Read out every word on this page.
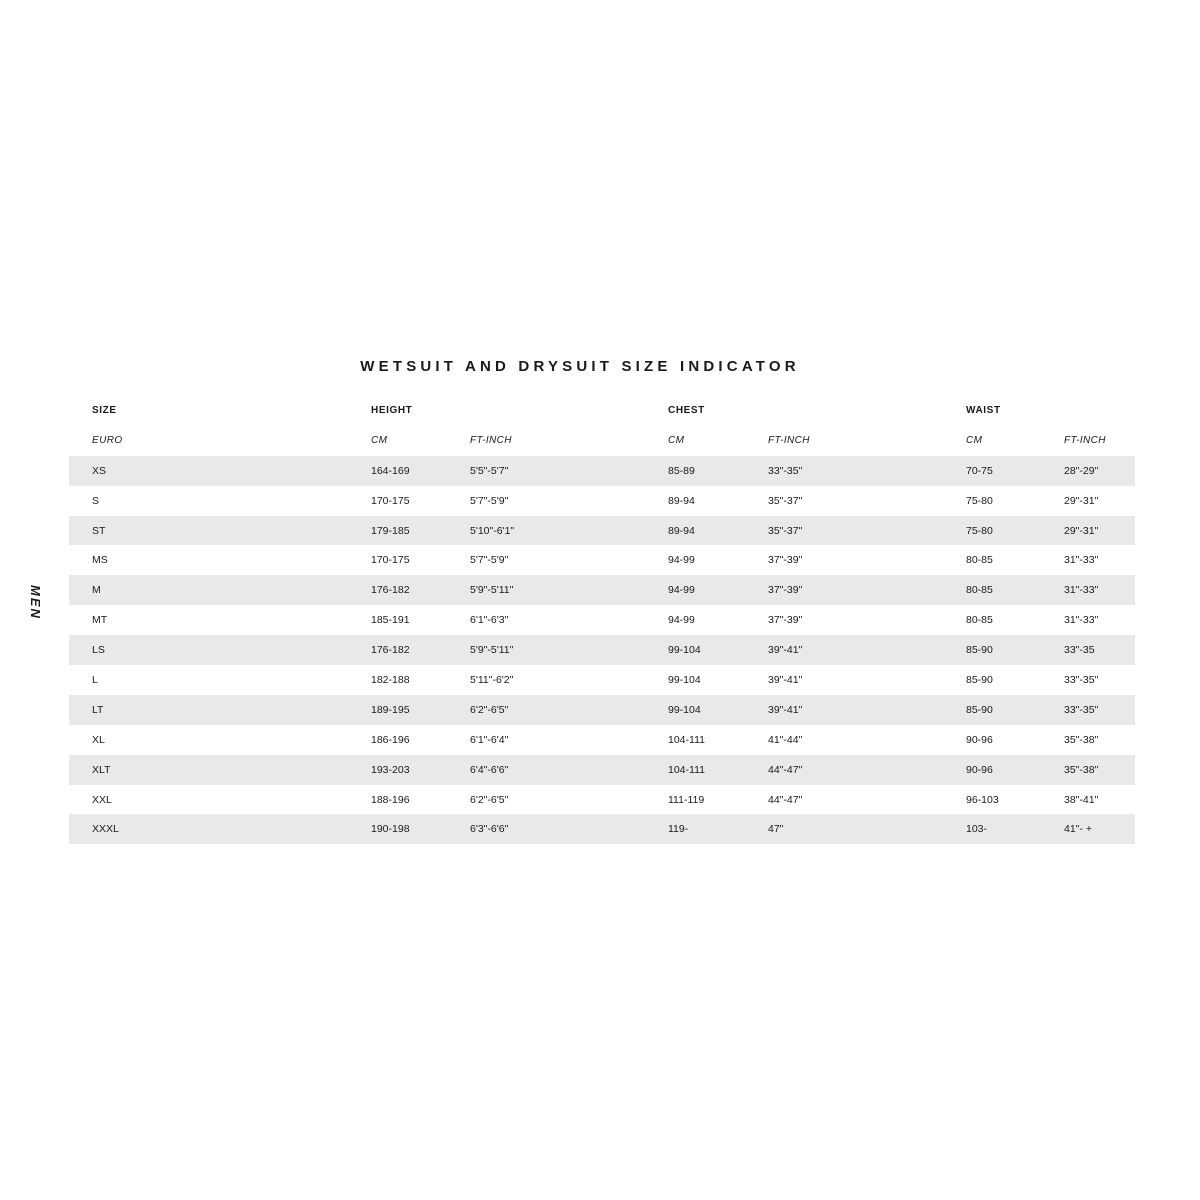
WETSUIT AND DRYSUIT SIZE INDICATOR
MEN
SIZE	HEIGHT	CHEST	WAIST
EURO	CM	FT-INCH	CM	FT-INCH	CM	FT-INCH
XS	164-169	5'5"-5'7"	85-89	33"-35"	70-75	28"-29"
S	170-175	5'7"-5'9"	89-94	35"-37"	75-80	29"-31"
ST	179-185	5'10"-6'1"	89-94	35"-37"	75-80	29"-31"
MS	170-175	5'7"-5'9"	94-99	37"-39"	80-85	31"-33"
M	176-182	5'9"-5'11"	94-99	37"-39"	80-85	31"-33"
MT	185-191	6'1"-6'3"	94-99	37"-39"	80-85	31"-33"
LS	176-182	5'9"-5'11"	99-104	39"-41"	85-90	33"-35
L	182-188	5'11"-6'2"	99-104	39"-41"	85-90	33"-35"
LT	189-195	6'2"-6'5"	99-104	39"-41"	85-90	33"-35"
XL	186-196	6'1"-6'4"	104-111	41"-44"	90-96	35"-38"
XLT	193-203	6'4"-6'6"	104-111	44"-47"	90-96	35"-38"
XXL	188-196	6'2"-6'5"	111-119	44"-47"	96-103	38"-41"
XXXL	190-198	6'3"-6'6"	119-	47"	103-	41"- +
